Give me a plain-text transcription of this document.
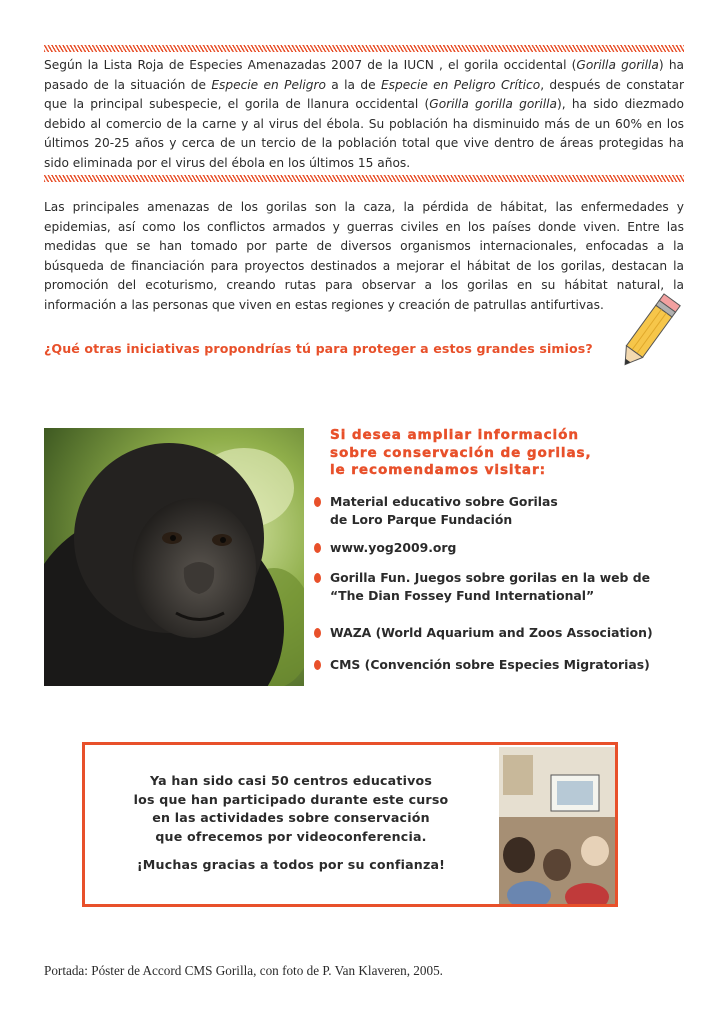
Según la Lista Roja de Especies Amenazadas 2007 de la IUCN , el gorila occidental (Gorilla gorilla) ha pasado de la situación de Especie en Peligro a la de Especie en Peligro Crítico, después de constatar que la principal subespecie, el gorila de llanura occidental (Gorilla gorilla gorilla), ha sido diezmado debido al comercio de la carne y al virus del ébola. Su población ha disminuido más de un 60% en los últimos 20-25 años y cerca de un tercio de la población total que vive dentro de áreas protegidas ha sido eliminada por el virus del ébola en los últimos 15 años.

Las principales amenazas de los gorilas son la caza, la pérdida de hábitat, las enfermedades y epidemias, así como los conflictos armados y guerras civiles en los países donde viven. Entre las medidas que se han tomado por parte de diversos organismos internacionales, enfocadas a la búsqueda de financiación para proyectos destinados a mejorar el hábitat de los gorilas, destacan la promoción del ecoturismo, creando rutas para observar a los gorilas en su hábitat natural, la información a las personas que viven en estas regiones y creación de patrullas antifurtivas.

¿Qué otras iniciativas propondrías tú para proteger a estos grandes simios?

Si desea ampliar información
sobre conservación de gorilas,
le recomendamos visitar:

Material educativo sobre Gorilas
de Loro Parque Fundación
www.yog2009.org
Gorilla Fun. Juegos sobre gorilas en la web de
“The Dian Fossey Fund International”
WAZA (World Aquarium and Zoos Association)
CMS (Convención sobre Especies Migratorias)

Ya han sido casi 50 centros educativos
los que han participado durante este curso
en las actividades sobre conservación
que ofrecemos por videoconferencia.

¡Muchas gracias a todos por su confianza!

Portada: Póster de Accord CMS Gorilla, con foto de P. Van Klaveren, 2005.
